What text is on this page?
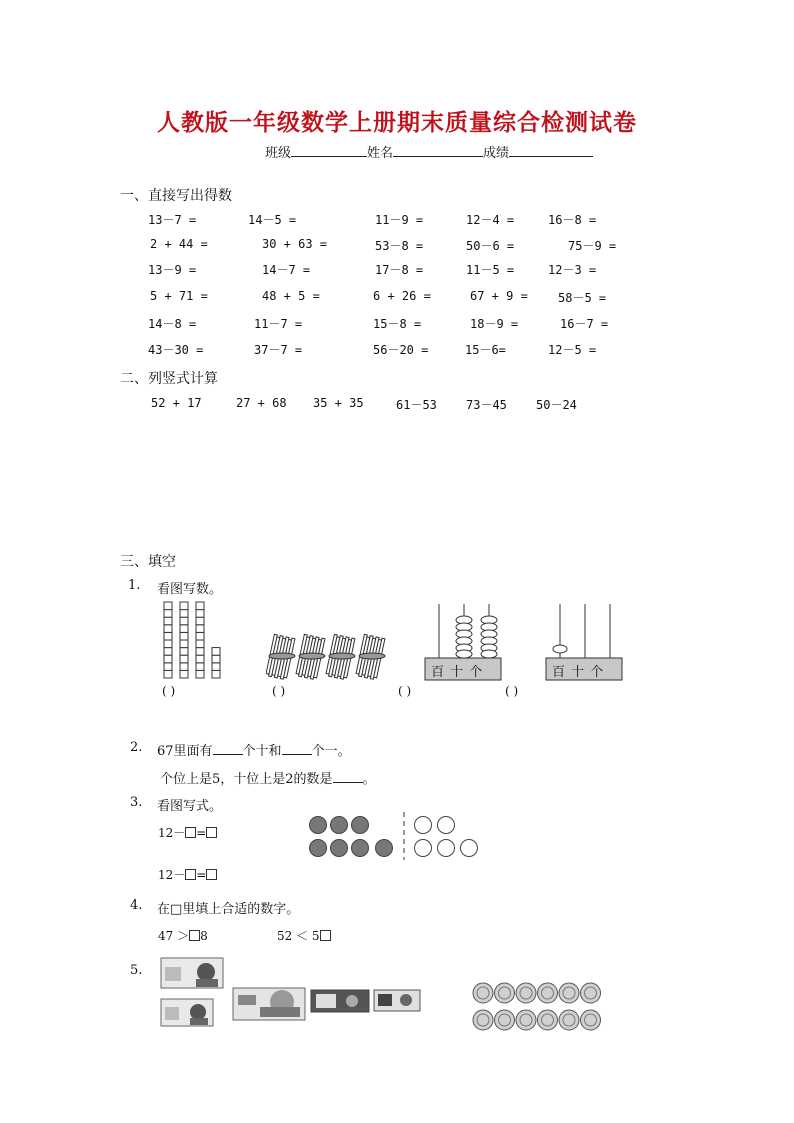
人教版一年级数学上册期末质量综合检测试卷
班级	姓名	成绩
一、直接写出得数
13－7 =	14－5 =	11－9 =	12－4 =	16－8 =
2 + 44 =	30 + 63 =	53－8 =	50－6 =	75－9 =
13－9 =	14－7 =	17－8 =	11－5 =	12－3 =
5 + 71 =	48 + 5 =	6 + 26 =	67 + 9 =	58－5 =
14－8 =	11－7 =	15－8 =	18－9 =	16－7 =
43－30 =	37－7 =	56－20 =	15－6=	12－5 =
二、列竖式计算
52 + 17	27 + 68 35 + 35	61－53 73－45 50－24
三、填空
1. 看图写数。
百 十 个	百 十 个
( )	( )	( )	( )
2. 67里面有 个十和 个一。
个位上是5，十位上是2的数是 。
3. 看图写式。
12－ =
12－ =
4. 在□里填上合适的数字。
47 ＞ 8	52 ＜ 5
5.
